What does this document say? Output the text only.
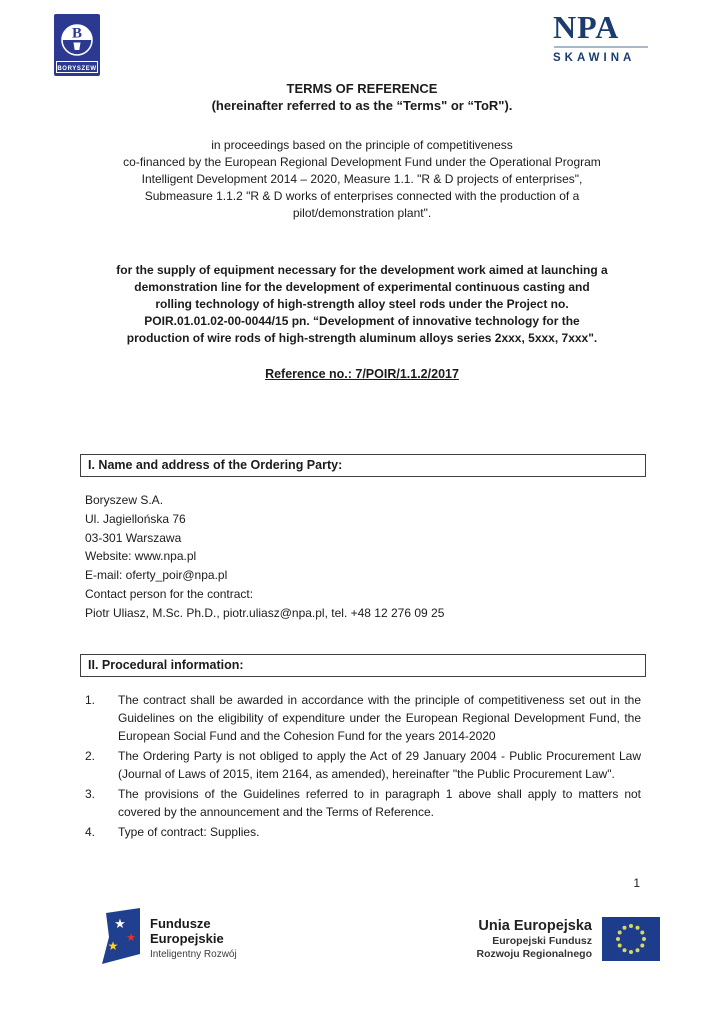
B
BORYSZEW
NPA
SKAWINA
TERMS OF REFERENCE
(hereinafter referred to as the “Terms" or “ToR").
in proceedings based on the principle of competitiveness
co-financed by the European Regional Development Fund under the Operational Program
Intelligent Development 2014 – 2020, Measure 1.1. "R & D projects of enterprises",
Submeasure 1.1.2 "R & D works of enterprises connected with the production of a
pilot/demonstration plant".
for the supply of equipment necessary for the development work aimed at launching a
demonstration line for the development of experimental continuous casting and
rolling technology of high-strength alloy steel rods under the Project no.
POIR.01.01.02-00-0044/15 pn. “Development of innovative technology for the
production of wire rods of high-strength aluminum alloys series 2xxx, 5xxx, 7xxx".
Reference no.: 7/POIR/1.1.2/2017
I. Name and address of the Ordering Party:
Boryszew S.A.
Ul. Jagiellońska 76
03-301 Warszawa
Website: www.npa.pl
E-mail: oferty_poir@npa.pl
Contact person for the contract:
Piotr Uliasz, M.Sc. Ph.D., piotr.uliasz@npa.pl, tel. +48 12 276 09 25
II. Procedural information:
1.	The contract shall be awarded in accordance with the principle of competitiveness set out in the Guidelines on the eligibility of expenditure under the European Regional Development Fund, the European Social Fund and the Cohesion Fund for the years 2014-2020
2.	The Ordering Party is not obliged to apply the Act of 29 January 2004 - Public Procurement Law (Journal of Laws of 2015, item 2164, as amended), hereinafter "the Public Procurement Law".
3.	The provisions of the Guidelines referred to in paragraph 1 above shall apply to matters not covered by the announcement and the Terms of Reference.
4.	Type of contract: Supplies.
1
★
★
★
Fundusze
Europejskie
Inteligentny Rozwój
Unia Europejska
Europejski Fundusz
Rozwoju Regionalnego
